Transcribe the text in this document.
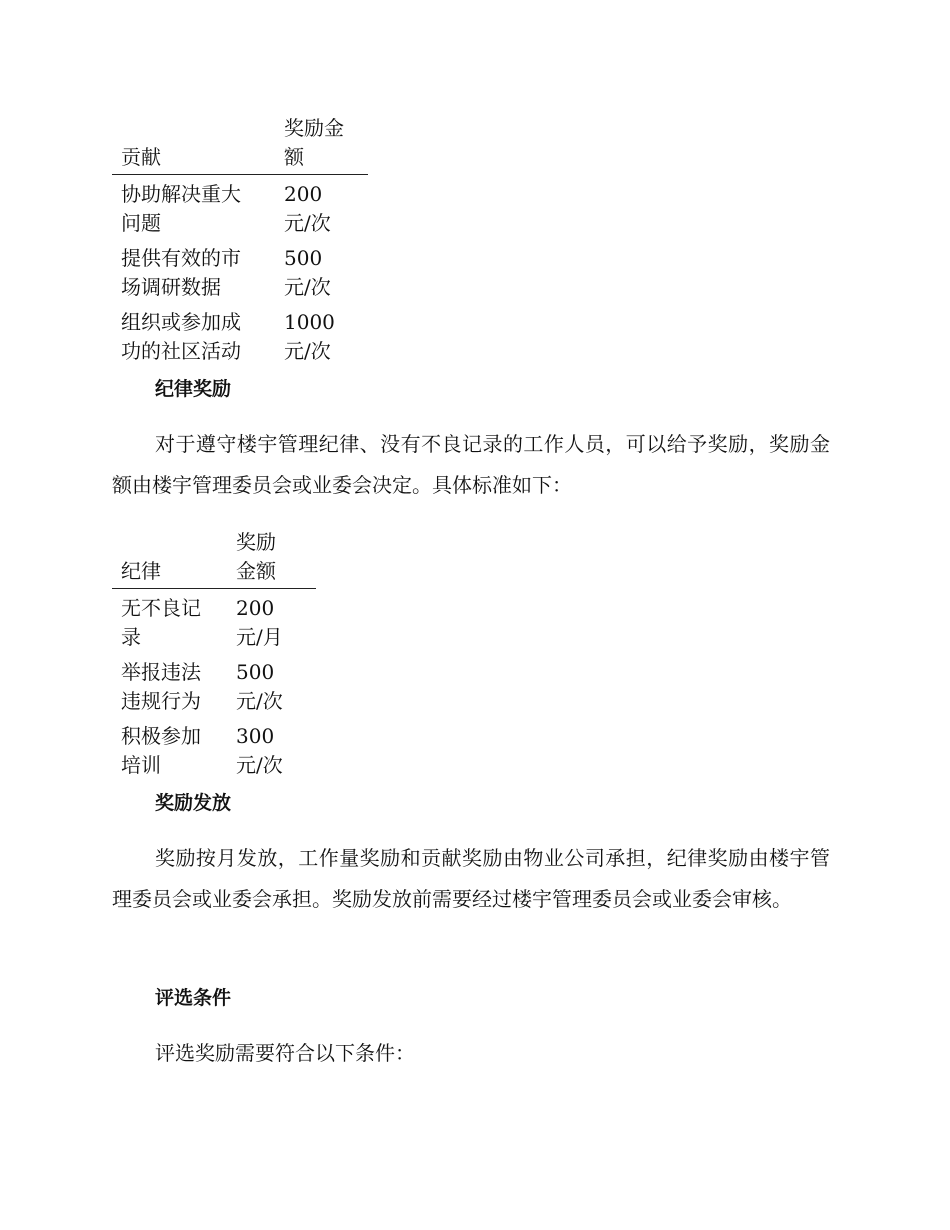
贡献	奖励金额

协助解决重大问题	200元/次

提供有效的市场调研数据	500元/次

组织或参加成功的社区活动	1000元/次
纪律奖励

对于遵守楼宇管理纪律、没有不良记录的工作人员，可以给予奖励，奖励金额由楼宇管理委员会或业委会决定。具体标准如下：

纪律	奖励金额

无不良记录	200元/月

举报违法违规行为	500元/次

积极参加培训	300元/次
奖励发放

奖励按月发放，工作量奖励和贡献奖励由物业公司承担，纪律奖励由楼宇管理委员会或业委会承担。奖励发放前需要经过楼宇管理委员会或业委会审核。

评选条件

评选奖励需要符合以下条件：
